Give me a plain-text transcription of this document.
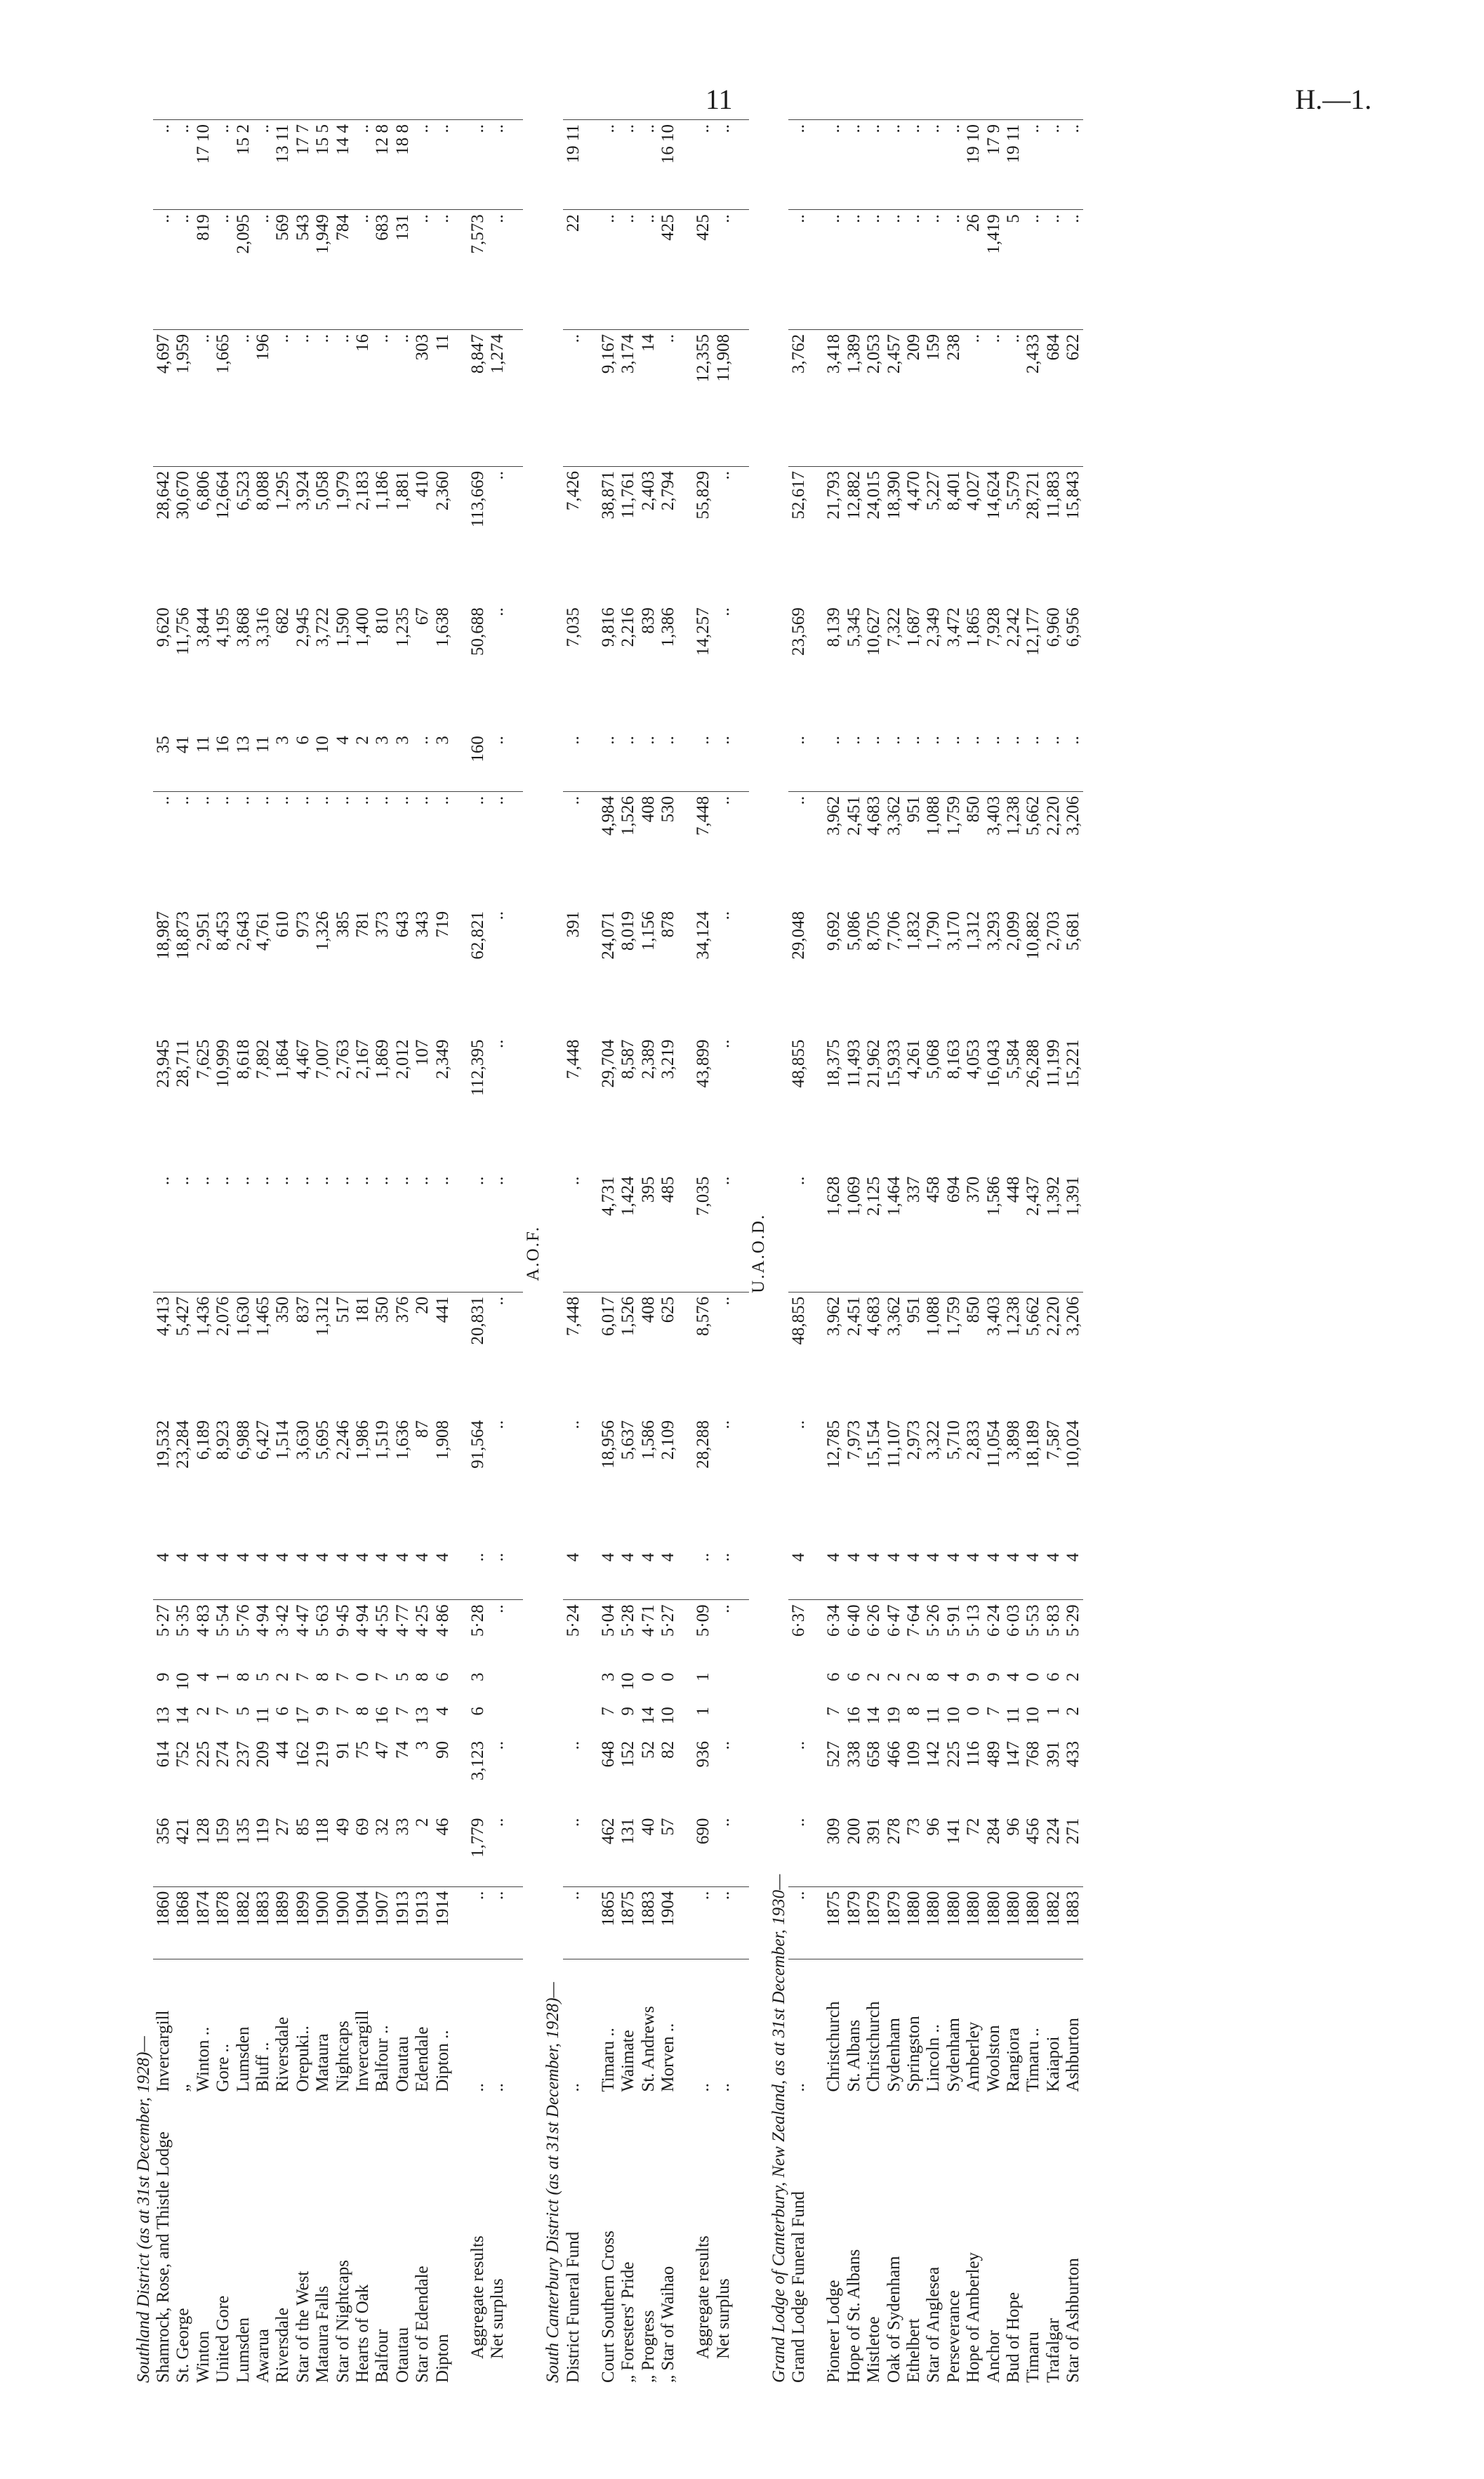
11	H.—1.
Southland District (as at 31st December, 1928)—																				
Shamrock, Rose, and Thistle Lodge	Invercargill	1860	356	614	13	9	5·27	4	19,532	4,413	..	23,945	18,987	..	35	9,620	28,642	4,697	..	..
St. George	„	1868	421	752	14	10	5·35	4	23,284	5,427	..	28,711	18,873	..	41	11,756	30,670	1,959	..	..
Winton	Winton ..	1874	128	225	2	4	4·83	4	6,189	1,436	..	7,625	2,951	..	11	3,844	6,806	..	819	17 10
United Gore	Gore ..	1878	159	274	7	1	5·54	4	8,923	2,076	..	10,999	8,453	..	16	4,195	12,664	1,665	..	..
Lumsden	Lumsden	1882	135	237	5	8	5·76	4	6,988	1,630	..	8,618	2,643	..	13	3,868	6,523	..	2,095	15 2
Awarua	Bluff ..	1883	119	209	11	5	4·94	4	6,427	1,465	..	7,892	4,761	..	11	3,316	8,088	196	..	..
Riversdale	Riversdale	1889	27	44	6	2	3·42	4	1,514	350	..	1,864	610	..	3	682	1,295	..	569	13 11
Star of the West	Orepuki..	1899	85	162	17	7	4·47	4	3,630	837	..	4,467	973	..	6	2,945	3,924	..	543	17 7
Mataura Falls	Mataura	1900	118	219	9	8	5·63	4	5,695	1,312	..	7,007	1,326	..	10	3,722	5,058	..	1,949	15 5
Star of Nightcaps	Nightcaps	1900	49	91	7	7	9·45	4	2,246	517	..	2,763	385	..	4	1,590	1,979	..	784	14 4
Hearts of Oak	Invercargill	1904	69	75	8	0	4·94	4	1,986	181	..	2,167	781	..	2	1,400	2,183	16	..	..
Balfour	Balfour ..	1907	32	47	16	7	4·55	4	1,519	350	..	1,869	373	..	3	810	1,186	..	683	12 8
Otautau	Otautau	1913	33	74	7	5	4·77	4	1,636	376	..	2,012	643	..	3	1,235	1,881	..	131	18 8
Star of Edendale	Edendale	1913	2	3	13	8	4·25	4	87	20	..	107	343	..	..	67	410	303	..	..
Dipton	Dipton ..	1914	46	90	4	6	4·86	4	1,908	441	..	2,349	719	..	3	1,638	2,360	11	..	..

Aggregate results	..	..	1,779	3,123	6	3	5·28	..	91,564	20,831	..	112,395	62,821	..	160	50,688	113,669	8,847	7,573	..
Net surplus	..	..	..	..			..	..	..	..	..	..	..	..	..	..	..	1,274	..	..

A.O.F.																				
South Canterbury District (as at 31st December, 1928)—																				
District Funeral Fund	..	..	..	..			5·24	4	..	7,448	..	7,448	391	..	..	7,035	7,426	..	22	19 11

Court Southern Cross	Timaru ..	1865	462	648	7	3	5·04	4	18,956	6,017	4,731	29,704	24,071	4,984	..	9,816	38,871	9,167	..	..
„ Foresters' Pride	Waimate	1875	131	152	9	10	5·28	4	5,637	1,526	1,424	8,587	8,019	1,526	..	2,216	11,761	3,174	..	..
„ Progress	St. Andrews	1883	40	52	14	0	4·71	4	1,586	408	395	2,389	1,156	408	..	839	2,403	14	..	..
„ Star of Waihao	Morven ..	1904	57	82	10	0	5·27	4	2,109	625	485	3,219	878	530	..	1,386	2,794	..	425	16 10

Aggregate results	..	..	690	936	1	1	5·09	..	28,288	8,576	7,035	43,899	34,124	7,448	..	14,257	55,829	12,355	425	..
Net surplus	..	..	..	..			..	..	..	..	..	..	..	..	..	..	..	11,908	..	..

U.A.O.D.																				
Grand Lodge of Canterbury, New Zealand, as at 31st December, 1930—																				
Grand Lodge Funeral Fund	..	..	..	..			6·37	4	..	48,855	..	48,855	29,048	..	..	23,569	52,617	3,762	..	..

Pioneer Lodge	Christchurch	1875	309	527	7	6	6·34	4	12,785	3,962	1,628	18,375	9,692	3,962	..	8,139	21,793	3,418	..	..
Hope of St. Albans	St. Albans	1879	200	338	16	6	6·40	4	7,973	2,451	1,069	11,493	5,086	2,451	..	5,345	12,882	1,389	..	..
Mistletoe	Christchurch	1879	391	658	14	2	6·26	4	15,154	4,683	2,125	21,962	8,705	4,683	..	10,627	24,015	2,053	..	..
Oak of Sydenham	Sydenham	1879	278	466	19	2	6·47	4	11,107	3,362	1,464	15,933	7,706	3,362	..	7,322	18,390	2,457	..	..
Ethelbert	Springston	1880	73	109	8	2	7·64	4	2,973	951	337	4,261	1,832	951	..	1,687	4,470	209	..	..
Star of Anglesea	Lincoln ..	1880	96	142	11	8	5·26	4	3,322	1,088	458	5,068	1,790	1,088	..	2,349	5,227	159	..	..
Perseverance	Sydenham	1880	141	225	10	4	5·91	4	5,710	1,759	694	8,163	3,170	1,759	..	3,472	8,401	238	..	..
Hope of Amberley	Amberley	1880	72	116	0	9	5·13	4	2,833	850	370	4,053	1,312	850	..	1,865	4,027	..	26	19 10
Anchor	Woolston	1880	284	489	7	9	6·24	4	11,054	3,403	1,586	16,043	3,293	3,403	..	7,928	14,624	..	1,419	17 9
Bud of Hope	Rangiora	1880	96	147	11	4	6·03	4	3,898	1,238	448	5,584	2,099	1,238	..	2,242	5,579	..	5	19 11
Timaru	Timaru ..	1880	456	768	10	0	5·53	4	18,189	5,662	2,437	26,288	10,882	5,662	..	12,177	28,721	2,433	..	..
Trafalgar	Kaiapoi	1882	224	391	1	6	5·83	4	7,587	2,220	1,392	11,199	2,703	2,220	..	6,960	11,883	684	..	..
Star of Ashburton	Ashburton	1883	271	433	2	2	5·29	4	10,024	3,206	1,391	15,221	5,681	3,206	..	6,956	15,843	622	..	..
